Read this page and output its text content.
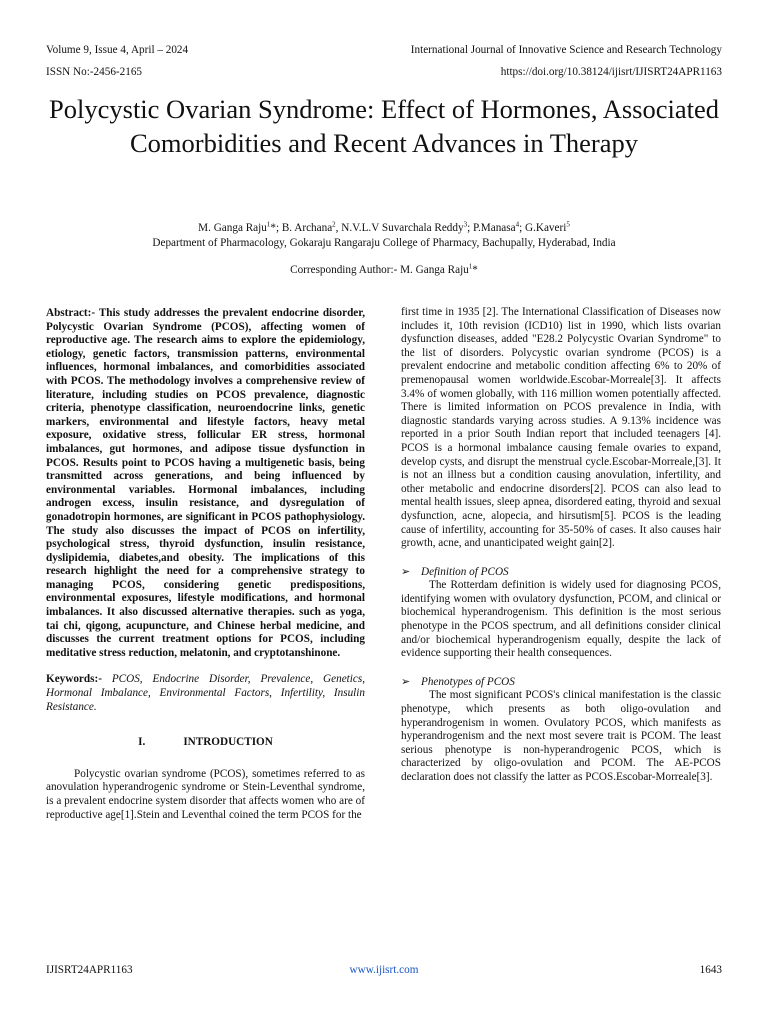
Volume 9, Issue 4, April – 2024	International Journal of Innovative Science and Research Technology
ISSN No:-2456-2165	https://doi.org/10.38124/ijisrt/IJISRT24APR1163
Polycystic Ovarian Syndrome: Effect of Hormones, Associated Comorbidities and Recent Advances in Therapy
M. Ganga Raju$^1$*; B. Archana$^2$, N.V.L.V Suvarchala Reddy$^3$; P.Manasa$^4$; G.Kaveri$^5$
Department of Pharmacology, Gokaraju Rangaraju College of Pharmacy, Bachupally, Hyderabad, India
Corresponding Author:- M. Ganga Raju$^1$*

Abstract:- This study addresses the prevalent endocrine disorder, Polycystic Ovarian Syndrome (PCOS), affecting women of reproductive age. The research aims to explore the epidemiology, etiology, genetic factors, transmission patterns, environmental influences, hormonal imbalances, and comorbidities associated with PCOS. The methodology involves a comprehensive review of literature, including studies on PCOS prevalence, diagnostic criteria, phenotype classification, neuroendocrine links, genetic markers, environmental and lifestyle factors, heavy metal exposure, oxidative stress, follicular ER stress, hormonal imbalances, gut hormones, and adipose tissue dysfunction in PCOS. Results point to PCOS having a multigenetic basis, being transmitted across generations, and being influenced by environmental variables. Hormonal imbalances, including androgen excess, insulin resistance, and dysregulation of gonadotropin hormones, are significant in PCOS pathophysiology. The study also discusses the impact of PCOS on infertility, psychological stress, thyroid dysfunction, insulin resistance, dyslipidemia, diabetes,and obesity. The implications of this research highlight the need for a comprehensive strategy to managing PCOS, considering genetic predispositions, environmental exposures, lifestyle modifications, and hormonal imbalances. It also discussed alternative therapies. such as yoga, tai chi, qigong, acupuncture, and Chinese herbal medicine, and discusses the current treatment options for PCOS, including meditative stress reduction, melatonin, and cryptotanshinone.

Keywords:- PCOS, Endocrine Disorder, Prevalence, Genetics, Hormonal Imbalance, Environmental Factors, Infertility, Insulin Resistance.

I.	INTRODUCTION

Polycystic ovarian syndrome (PCOS), sometimes referred to as anovulation hyperandrogenic syndrome or Stein-Leventhal syndrome, is a prevalent endocrine system disorder that affects women who are of reproductive age[1].Stein and Leventhal coined the term PCOS for the

first time in 1935 [2]. The International Classification of Diseases now includes it, 10th revision (ICD10) list in 1990, which lists ovarian dysfunction diseases, added "E28.2 Polycystic Ovarian Syndrome" to the list of disorders. Polycystic ovarian syndrome (PCOS) is a prevalent endocrine and metabolic condition affecting 6% to 20% of premenopausal women worldwide.Escobar-Morreale[3]. It affects 3.4% of women globally, with 116 million women potentially affected. There is limited information on PCOS prevalence in India, with diagnostic standards varying across studies. A 9.13% incidence was reported in a prior South Indian report that included teenagers [4]. PCOS is a hormonal imbalance causing female ovaries to expand, develop cysts, and disrupt the menstrual cycle.Escobar-Morreale,[3]. It is not an illness but a condition causing anovulation, infertility, and other metabolic and endocrine disorders[2]. PCOS can also lead to mental health issues, sleep apnea, disordered eating, thyroid and sexual dysfunction, acne, alopecia, and hirsutism[5]. PCOS is the leading cause of infertility, accounting for 35-50% of cases. It also causes hair growth, acne, and unanticipated weight gain[2].

➢ Definition of PCOS

The Rotterdam definition is widely used for diagnosing PCOS, identifying women with ovulatory dysfunction, PCOM, and clinical or biochemical hyperandrogenism. This definition is the most serious phenotype in the PCOS spectrum, and all definitions consider clinical and/or biochemical hyperandrogenism equally, despite the lack of evidence supporting their health consequences.

➢ Phenotypes of PCOS

The most significant PCOS's clinical manifestation is the classic phenotype, which presents as both oligo-ovulation and hyperandrogenism in women. Ovulatory PCOS, which manifests as hyperandrogenism and the next most severe trait is PCOM. The least serious phenotype is non-hyperandrogenic PCOS, which is characterized by oligo-ovulation and PCOM. The AE-PCOS declaration does not classify the latter as PCOS.Escobar-Morreale[3].

IJISRT24APR1163	www.ijisrt.com	1643
